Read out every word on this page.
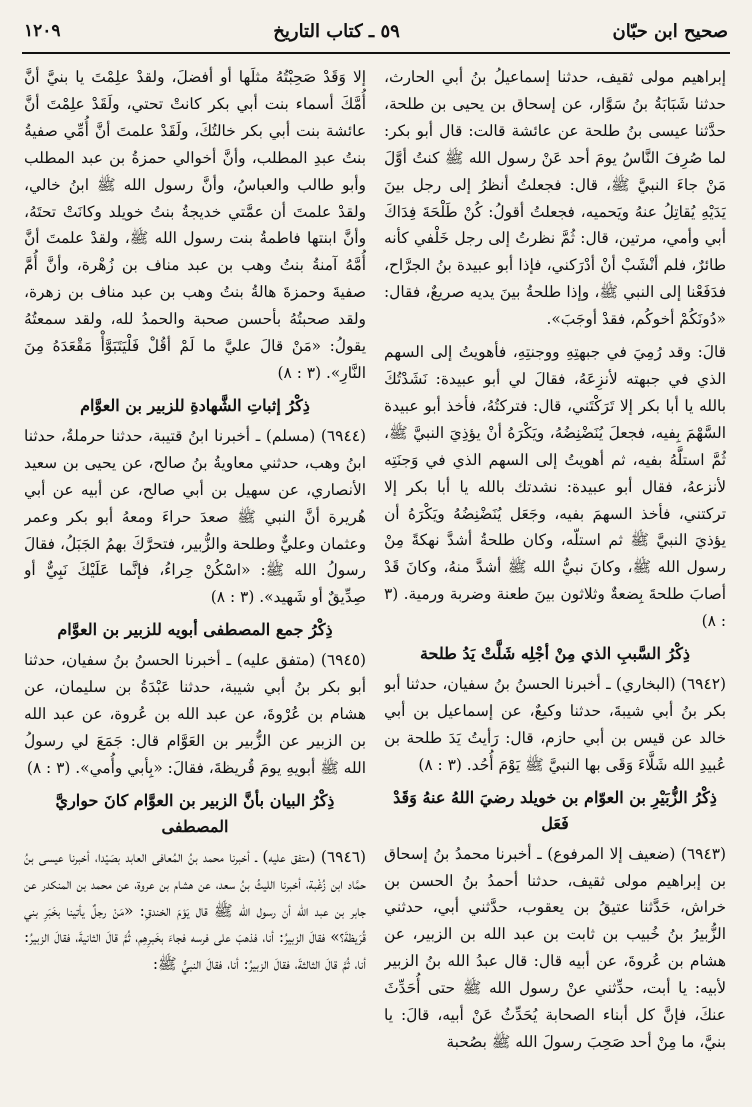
صحيح ابن حبّان
٥٩ ـ كتاب التاريخ
١٢٠٩

إبراهيم مولى ثقيف، حدثنا إسماعيلُ بنُ أبي الحارث، حدثنا شَبَابَةُ بنُ سَوَّار، عن إسحاق بن يحيى بن طلحة، حدَّثنا عيسى بنُ طلحة عن عائشة قالت: قال أبو بكر: لما صُرِفَ النَّاسُ يومَ أحد عَنْ رسول الله ﷺ كنتُ أوَّلَ مَنْ جاءَ النبيَّ ﷺ، قال: فجعلتُ أنظرُ إلى رجل بينَ يَدَيْهِ يُقاتِلُ عنهُ ويَحميه، فجعلتُ أقولُ: كُنْ طَلْحَةَ فِدَاكَ أبي وأمي، مرتين، قال: ثُمَّ نظرتُ إلى رجل خَلْفي كأنه طائرٌ، فلم أنْشَبْ أنْ أدْرَكني، فإذا أبو عبيدة بنُ الجرَّاح، فدَفَعْنا إلى النبي ﷺ، وإذا طلحةُ بينَ يديه صريعٌ، فقال: «دُونَكُمْ أخوكُم، فقدْ أوجَبَ».

قالَ: وقد رُمِيَ في جبهتِهِ ووجنتِهِ، فأهويتُ إلى السهم الذي في جبهته لأنزِعَهُ، فقالَ لي أبو عبيدة: نَشَدْتُكَ بالله يا أبا بكر إلا تَرَكْتَني، قال: فتركتُهُ، فأخذ أبو عبيدة السَّهْمَ بِفيه، فجعلَ يُنَضْنِضُهُ، ويَكْرَهُ أنْ يؤذِيَ النبيَّ ﷺ، ثُمَّ استلَّهُ بفيه، ثم أهويتُ إلى السهم الذي في وَجنَتِه لأنزعهُ، فقال أبو عبيدة: نشدتك بالله يا أبا بكر إلا تركتني، فأخذ السهمَ بفيه، وجَعَل يُنَضْنِضُهُ ويَكْرَهُ أن يؤذيَ النبيَّ ﷺ ثم استلّه، وكان طلحةُ أشدَّ نهكةً مِنْ رسول الله ﷺ، وكانَ نبيُّ الله ﷺ أشدَّ منهُ، وكانَ قَدْ أصابَ طلحةَ بِضعةٌ وثلاثون بينَ طعنة وضربة ورمية. (٣ : ٨)

ذِكْرُ السَّببِ الذي مِنْ أجْلِه شَلَّتْ يَدُ طلحة

(٦٩٤٢) (البخاري) ـ أخبرنا الحسنُ بنُ سفيان، حدثنا أبو بكر بنُ أبي شيبةَ، حدثنا وكيعٌ، عن إسماعيل بن أبي خالد عن قيس بن أبي حازم، قال: رَأيتُ يَدَ طلحة بن عُبيدِ الله شَلَّاءَ وَقَى بها النبيَّ ﷺ يَوْمَ أُحُد. (٣ : ٨)

ذِكْرُ الزُّبَيْرِ بن العوّام بن خويلد رضيَ اللهُ عنهُ وَقَدْ فَعَل

(٦٩٤٣) (ضعيف إلا المرفوع) ـ أخبرنا محمدُ بنُ إسحاق بن إبراهيم مولى ثقيف، حدثنا أحمدُ بنُ الحسن بن خراش، حَدَّثنا عتيقُ بن يعقوب، حدَّثني أبي، حدثني الزُّبيرُ بنُ خُبيب بن ثابت بن عبد الله بن الزبير، عن هشام بن عُروةَ، عن أبيه قال: قال عبدُ الله بنُ الزبير لأبيه: يا أبت، حدِّثني عنْ رسول الله ﷺ حتى أُحَدِّثَ عنكَ، فإنَّ كل أبناء الصحابة يُحَدِّثُ عَنْ أبيه، قالَ: يا بنيَّ، ما مِنْ أحد صَحِبَ رسولَ الله ﷺ بصُحبة

إلا وَقَدْ صَحِبْتُهُ مثلَها أو أفضلَ، ولقدْ علِمْتَ يا بنيَّ أنَّ أُمَّكَ أسماء بنت أبي بكر كانتْ تحتي، ولَقَدْ علِمْتَ أنَّ عائشة بنت أبي بكر خالتُكَ، ولَقَدْ علمتَ أنَّ أُمِّي صفيةُ بنتُ عبدِ المطلب، وأنَّ أخوالي حمزةُ بن عبد المطلب وأبو طالب والعباسُ، وأنَّ رسول الله ﷺ ابنُ خالي، ولقدْ علمتَ أن عمَّتي خديجةُ بنتُ خويلد وكانَتْ تحتَهُ، وأنَّ ابنتها فاطمةُ بنت رسول الله ﷺ، ولقدْ علمتَ أنَّ أُمَّهُ آمنةُ بنتُ وهب بن عبد مناف بن زُهْرة، وأنَّ أُمَّ صفيةَ وحمزةَ هالةُ بنتُ وهب بن عبد مناف بن زهرة، ولقد صحبتُهُ بأحسن صحبة والحمدُ لله، ولقد سمعتُهُ يقولُ: «مَنْ قالَ عليَّ ما لَمْ أقُلْ فَلْيَتَبَوَّأْ مَقْعَدَهُ مِنَ النَّارِ». (٣ : ٨)

ذِكْرُ إثباتِ الشَّهادةِ للزبير بن العوَّام

(٦٩٤٤) (مسلم) ـ أخبرنا ابنُ قتيبة، حدثنا حرملةُ، حدثنا ابنُ وهب، حدثني معاويةُ بنُ صالح، عن يحيى بن سعيد الأنصاري، عن سهيل بن أبي صالح، عن أبيه عن أبي هُريرة أنَّ النبي ﷺ صعدَ حراءَ ومعهُ أبو بكر وعمر وعثمان وعليٌّ وطلحة والزُّبير، فتحرَّكَ بهمُ الجَبَلُ، فقالَ رسولُ الله ﷺ: «اسْكُنْ حِراءُ، فإنَّما عَلَيْكَ نَبِيٌّ أو صِدِّيقٌ أو شَهيد». (٣ : ٨)

ذِكْرُ جمع المصطفى أبويه للزبير بن العوَّام

(٦٩٤٥) (متفق عليه) ـ أخبرنا الحسنُ بنُ سفيان، حدثنا أبو بكر بنُ أبي شيبة، حدثنا عَبْدَةُ بن سليمان، عن هشام بن عُرْوةَ، عن عبد الله بن عُروة، عن عبد الله بن الزبير عن الزُّبير بن العَوَّام قال: جَمَعَ لي رسولُ الله ﷺ أبويهِ يومَ قُريظةَ، فقالَ: «بِأبي وأُمي». (٣ : ٨)

ذِكْرُ البيان بأنَّ الزبير بن العوَّام كانَ حواريَّ المصطفى

(٦٩٤٦) (متفق عليه) ـ أخبرنا محمد بنُ المُعافى العابد بصَيْدا، أخبرنا عيسى بنُ حمَّاد ابن زُغْبة، أخبرنا الليثُ بنُ سعد، عن هشام بن عروة، عن محمد بن المنكدر عن جابر بن عبد الله أن رسول الله ﷺ قال يَوْمَ الخندقِ: «مَنْ رجلٌ يأتينا بخَبَرِ بني قُرَيظةَ؟» فقالَ الزبيرُ: أنا، فذهبَ على فرسه فجاءَ بخَبرِهِم، ثُمَّ قالَ الثانيةَ، فقالَ الزبيرُ: أنا، ثُمَّ قالَ الثالثةَ، فقالَ الزبيرُ: أنا، فقالَ النبيُّ ﷺ:
